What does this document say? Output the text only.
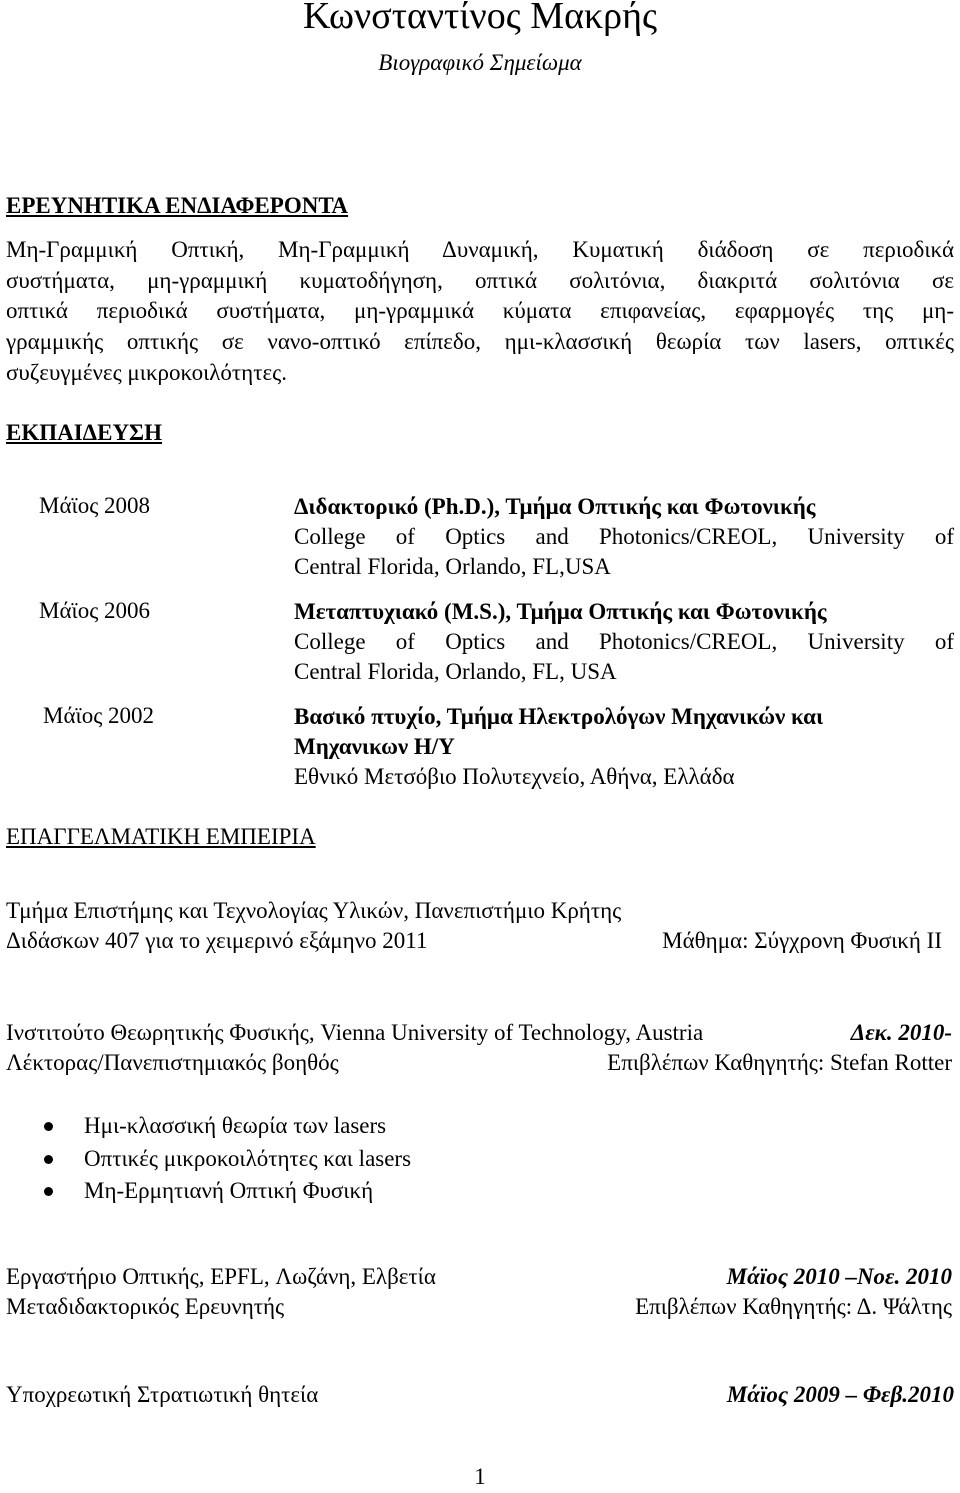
Κωνσταντίνος Μακρής
Βιογραφικό Σημείωμα
ΕΡΕΥΝΗΤΙΚΑ ΕΝΔΙΑΦΕΡΟΝΤΑ
Μη-Γραμμική Οπτική, Μη-Γραμμική Δυναμική, Κυματική διάδοση σε περιοδικά
συστήματα, μη-γραμμική κυματοδήγηση, οπτικά σολιτόνια, διακριτά σολιτόνια σε
οπτικά περιοδικά συστήματα, μη-γραμμικά κύματα επιφανείας, εφαρμογές της μη-
γραμμικής οπτικής σε νανο-οπτικό επίπεδο, ημι-κλασσική θεωρία των lasers, οπτικές
συζευγμένες μικροκοιλότητες.
ΕΚΠΑΙΔΕΥΣΗ
Μάϊος 2008	Διδακτορικό (Ph.D.), Τμήμα Οπτικής και Φωτονικής
College of Optics and Photonics/CREOL, University of
Central Florida, Orlando, FL,USA
Μάϊος 2006	Μεταπτυχιακό (M.S.), Τμήμα Οπτικής και Φωτονικής
College of Optics and Photonics/CREOL, University of
Central Florida, Orlando, FL, USA
Μάϊος 2002	Βασικό πτυχίο, Τμήμα Ηλεκτρολόγων Μηχανικών και
Μηχανικων Η/Υ
Εθνικό Μετσόβιο Πολυτεχνείο, Αθήνα, Ελλάδα
ΕΠΑΓΓΕΛΜΑΤΙΚΗ ΕΜΠΕΙΡΙΑ
Τμήμα Επιστήμης και Τεχνολογίας Υλικών, Πανεπιστήμιο Κρήτης
Διδάσκων 407 για το χειμερινό εξάμηνο 2011	Μάθημα: Σύγχρονη Φυσική ΙΙ
Ινστιτούτο Θεωρητικής Φυσικής, Vienna University of Technology, Austria	Δεκ. 2010-
Λέκτορας/Πανεπιστημιακός βοηθός	Επιβλέπων Καθηγητής: Stefan Rotter
Ημι-κλασσική θεωρία των lasers
Οπτικές μικροκοιλότητες και lasers
Μη-Ερμητιανή Οπτική Φυσική
Εργαστήριο Οπτικής, EPFL, Λωζάνη, Ελβετία	Μάϊος 2010 –Νοε. 2010
Μεταδιδακτορικός Ερευνητής	Επιβλέπων Καθηγητής: Δ. Ψάλτης
Υποχρεωτική Στρατιωτική θητεία	Μάϊος 2009 – Φεβ.2010
1
